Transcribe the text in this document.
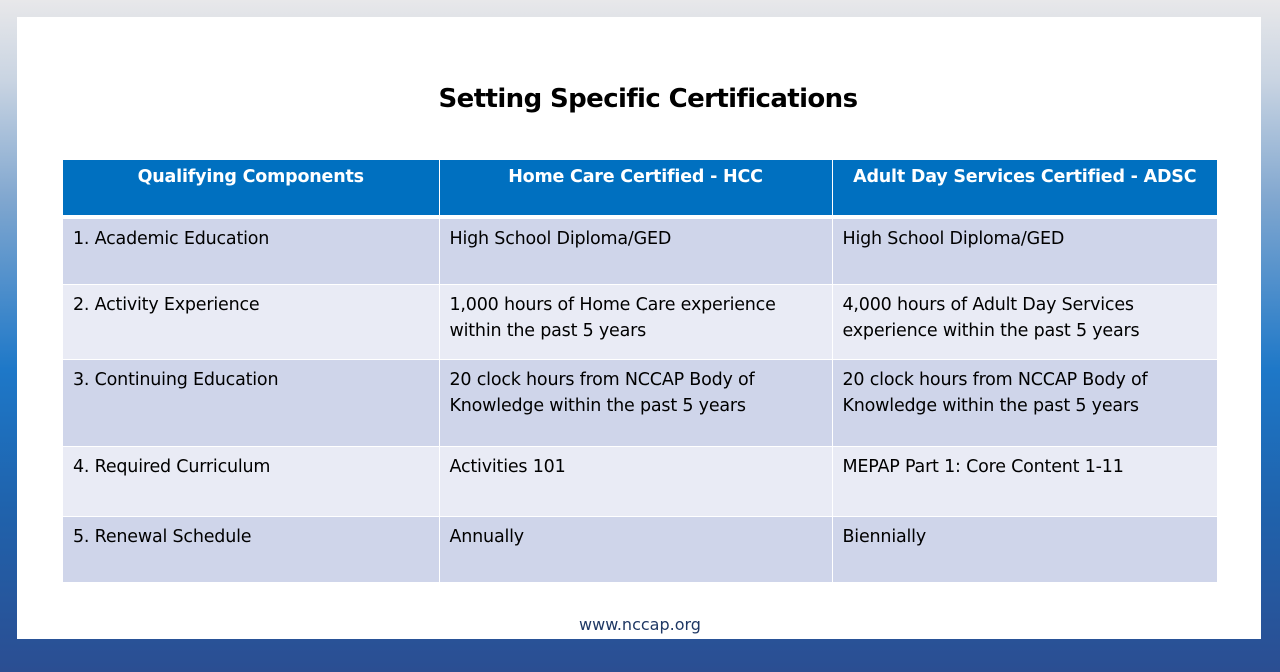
Setting Specific Certifications
Qualifying Components	Home Care Certified - HCC	Adult Day Services Certified - ADSC
1. Academic Education	High School Diploma/GED	High School Diploma/GED
2. Activity Experience	1,000 hours of Home Care experience within the past 5 years	4,000 hours of Adult Day Services experience within the past 5 years
3. Continuing Education	20 clock hours from NCCAP Body of Knowledge within the past 5 years	20 clock hours from NCCAP Body of Knowledge within the past 5 years
4. Required Curriculum	Activities 101	MEPAP Part 1: Core Content 1-11
5. Renewal Schedule	Annually	Biennially
www.nccap.org
